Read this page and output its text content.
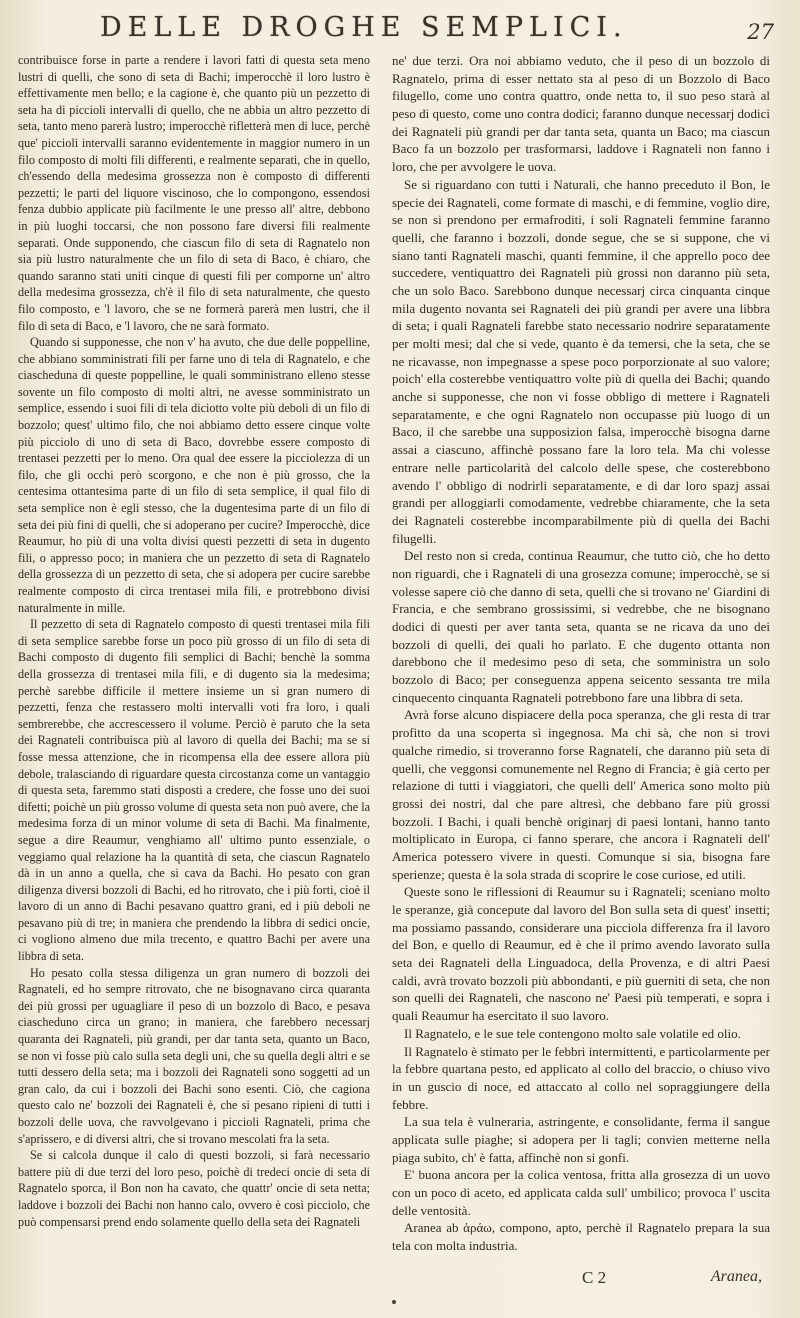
DELLE DROGHE SEMPLICI.	27

contribuisce forse in parte a rendere i lavori fatti di questa seta meno lustri di quelli, che sono di seta di Bachi; imperocchè il loro lustro è effettivamente men bello; e la cagione è, che quanto più un pezzetto di seta ha di piccioli intervalli di quello, che ne abbia un altro pezzetto di seta, tanto meno parerà lustro; imperocchè rifletterà men di luce, perchè que' piccioli intervalli saranno evidentemente in maggior numero in un filo composto di molti fili differenti, e realmente separati, che in quello, ch'essendo della medesima grossezza non è composto di differenti pezzetti; le parti del liquore viscinoso, che lo compongono, essendosi fenza dubbio applicate più facilmente le une presso all' altre, debbono in più luoghi toccarsi, che non possono fare diversi fili realmente separati. Onde supponendo, che ciascun filo di seta di Ragnatelo non sia più lustro naturalmente che un filo di seta di Baco, è chiaro, che quando saranno stati uniti cinque di questi fili per comporne un' altro della medesima grossezza, ch'è il filo di seta naturalmente, che questo filo composto, e 'l lavoro, che se ne formerà parerà men lustri, che il filo di seta di Baco, e 'l lavoro, che ne sarà formato.

Quando si supponesse, che non v' ha avuto, che due delle poppelline, che abbiano somministrati fili per farne uno di tela di Ragnatelo, e che ciascheduna di queste poppelline, le quali somministrano elleno stesse sovente un filo composto di molti altri, ne avesse somministrato un semplice, essendo i suoi fili di tela diciotto volte più deboli di un filo di bozzolo; quest' ultimo filo, che noi abbiamo detto essere cinque volte più picciolo di uno di seta di Baco, dovrebbe essere composto di trentasei pezzetti per lo meno. Ora qual dee essere la picciolezza di un filo, che gli occhi però scorgono, e che non è più grosso, che la centesima ottantesima parte di un filo di seta semplice, il qual filo di seta semplice non è egli stesso, che la dugentesima parte di un filo di seta dei più fini di quelli, che si adoperano per cucire? Imperocchè, dice Reaumur, ho più di una volta divisi questi pezzetti di seta in dugento fili, o appresso poco; in maniera che un pezzetto di seta di Ragnatelo della grossezza di un pezzetto di seta, che si adopera per cucire sarebbe realmente composto di circa trentasei mila fili, e protrebbono divisi naturalmente in mille.

Il pezzetto di seta di Ragnatelo composto di questi trentasei mila fili di seta semplice sarebbe forse un poco più grosso di un filo di seta di Bachi composto di dugento fili semplici di Bachi; benchè la somma della grossezza di trentasei mila fili, e di dugento sia la medesima; perchè sarebbe difficile il mettere insieme un sì gran numero di pezzetti, fenza che restassero molti intervalli voti fra loro, i quali sembrerebbe, che accrescessero il volume. Perciò è paruto che la seta dei Ragnateli contribuisca più al lavoro di quella dei Bachi; ma se si fosse messa attenzione, che in ricompensa ella dee essere allora più debole, tralasciando di riguardare questa circostanza come un vantaggio di questa seta, faremmo stati disposti a credere, che fosse uno dei suoi difetti; poichè un più grosso volume di questa seta non può avere, che la medesima forza di un minor volume di seta di Bachi. Ma finalmente, segue a dire Reaumur, venghiamo all' ultimo punto essenziale, o veggiamo qual relazione ha la quantità di seta, che ciascun Ragnatelo dà in un anno a quella, che si cava da Bachi. Ho pesato con gran diligenza diversi bozzoli di Bachi, ed ho ritrovato, che i più forti, cioè il lavoro di un anno di Bachi pesavano quattro grani, ed i più deboli ne pesavano più di tre; in maniera che prendendo la libbra di sedici oncie, ci vogliono almeno due mila trecento, e quattro Bachi per avere una libbra di seta.

Ho pesato colla stessa diligenza un gran numero di bozzoli dei Ragnateli, ed ho sempre ritrovato, che ne bisognavano circa quaranta dei più grossi per uguagliare il peso di un bozzolo di Baco, e pesava ciascheduno circa un grano; in maniera, che farebbero necessarj quaranta dei Ragnateli, più grandi, per dar tanta seta, quanto un Baco, se non vi fosse più calo sulla seta degli uni, che su quella degli altri e se tutti dessero della seta; ma i bozzoli dei Ragnateli sono soggetti ad un gran calo, da cui i bozzoli dei Bachi sono esenti. Ciò, che cagiona questo calo ne' bozzoli dei Ragnateli è, che si pesano ripieni di tutti i bozzoli delle uova, che ravvolgevano i piccioli Ragnateli, prima che s'aprissero, e di diversi altri, che si trovano mescolati fra la seta.

Se si calcola dunque il calo di questi bozzoli, si farà necessario battere più di due terzi del loro peso, poichè di tredeci oncie di seta di Ragnatelo sporca, il Bon non ha cavato, che quattr' oncie di seta netta; laddove i bozzoli dei Bachi non hanno calo, ovvero è così picciolo, che può compensarsi prend endo solamente quello della seta dei Ragnateli

ne' due terzi. Ora noi abbiamo veduto, che il peso di un bozzolo di Ragnatelo, prima di esser nettato sta al peso di un Bozzolo di Baco filugello, come uno contra quattro, onde netta to, il suo peso starà al peso di questo, come uno contra dodici; faranno dunque necessarj dodici dei Ragnateli più grandi per dar tanta seta, quanta un Baco; ma ciascun Baco fa un bozzolo per trasformarsi, laddove i Ragnateli non fanno i loro, che per avvolgere le uova.

Se si riguardano con tutti i Naturali, che hanno preceduto il Bon, le specie dei Ragnateli, come formate di maschi, e di femmine, voglio dire, se non si prendono per ermafroditi, i soli Ragnateli femmine faranno quelli, che faranno i bozzoli, donde segue, che se si suppone, che vi siano tanti Ragnateli maschi, quanti femmine, il che apprello poco dee succedere, ventiquattro dei Ragnateli più grossi non daranno più seta, che un solo Baco. Sarebbono dunque necessarj circa cinquanta cinque mila dugento novanta sei Ragnateli dei più grandi per avere una libbra di seta; i quali Ragnateli farebbe stato necessario nodrire separatamente per molti mesi; dal che si vede, quanto è da temersi, che la seta, che se ne ricavasse, non impegnasse a spese poco porporzionate al suo valore; poich' ella costerebbe ventiquattro volte più di quella dei Bachi; quando anche si supponesse, che non vi fosse obbligo di mettere i Ragnateli separatamente, e che ogni Ragnatelo non occupasse più luogo di un Baco, il che sarebbe una supposizion falsa, imperocchè bisogna darne assai a ciascuno, affinchè possano fare la loro tela. Ma chi volesse entrare nelle particolarità del calcolo delle spese, che costerebbono avendo l' obbligo di nodrirli separatamente, e di dar loro spazj assai grandi per alloggiarli comodamente, vedrebbe chiaramente, che la seta dei Ragnateli costerebbe incomparabilmente più di quella dei Bachi filugelli.

Del resto non si creda, continua Reaumur, che tutto ciò, che ho detto non riguardi, che i Ragnateli di una grosezza comune; imperocchè, se si volesse sapere ciò che danno di seta, quelli che si trovano ne' Giardini di Francia, e che sembrano grossissimi, si vedrebbe, che ne bisognano dodici di questi per aver tanta seta, quanta se ne ricava da uno dei bozzoli di quelli, dei quali ho parlato. E che dugento ottanta non darebbono che il medesimo peso di seta, che somministra un solo bozzolo di Baco; per conseguenza appena seicento sessanta tre mila cinquecento cinquanta Ragnateli potrebbono fare una libbra di seta.

Avrà forse alcuno dispiacere della poca speranza, che gli resta di trar profitto da una scoperta sì ingegnosa. Ma chi sà, che non si trovi qualche rimedio, si troveranno forse Ragnateli, che daranno più seta di quelli, che veggonsi comunemente nel Regno di Francia; è già certo per relazione di tutti i viaggiatori, che quelli dell' America sono molto più grossi dei nostri, dal che pare altresì, che debbano fare più grossi bozzoli. I Bachi, i quali benchè originarj di paesi lontani, hanno tanto moltiplicato in Europa, ci fanno sperare, che ancora i Ragnateli dell' America potessero vivere in questi. Comunque si sia, bisogna fare sperienze; questa è la sola strada di scoprire le cose curiose, ed utili.

Queste sono le riflessioni di Reaumur su i Ragnateli; sceniano molto le speranze, già concepute dal lavoro del Bon sulla seta di quest' insetti; ma possiamo passando, considerare una picciola differenza fra il lavoro del Bon, e quello di Reaumur, ed è che il primo avendo lavorato sulla seta dei Ragnateli della Linguadoca, della Provenza, e di altri Paesi caldi, avrà trovato bozzoli più abbondanti, e più guerniti di seta, che non son quelli dei Ragnateli, che nascono ne' Paesi più temperati, e sopra i quali Reaumur ha esercitato il suo lavoro.

Il Ragnatelo, e le sue tele contengono molto sale volatile ed olio.

Il Ragnatelo è stimato per le febbri intermittenti, e particolarmente per la febbre quartana pesto, ed applicato al collo del braccio, o chiuso vivo in un guscio di noce, ed attaccato al collo nel sopraggiungere della febbre.

La sua tela è vulneraria, astringente, e consolidante, ferma il sangue applicata sulle piaghe; si adopera per li tagli; convien metterne nella piaga subito, ch' è fatta, affinchè non si gonfi.

E' buona ancora per la colica ventosa, fritta alla grosezza di un uovo con un poco di aceto, ed applicata calda sull' umbilico; provoca l' uscita delle ventosità.

Aranea ab ἀράω, compono, apto, perchè il Ragnatelo prepara la sua tela con molta industria.

C 2	Aranea,
